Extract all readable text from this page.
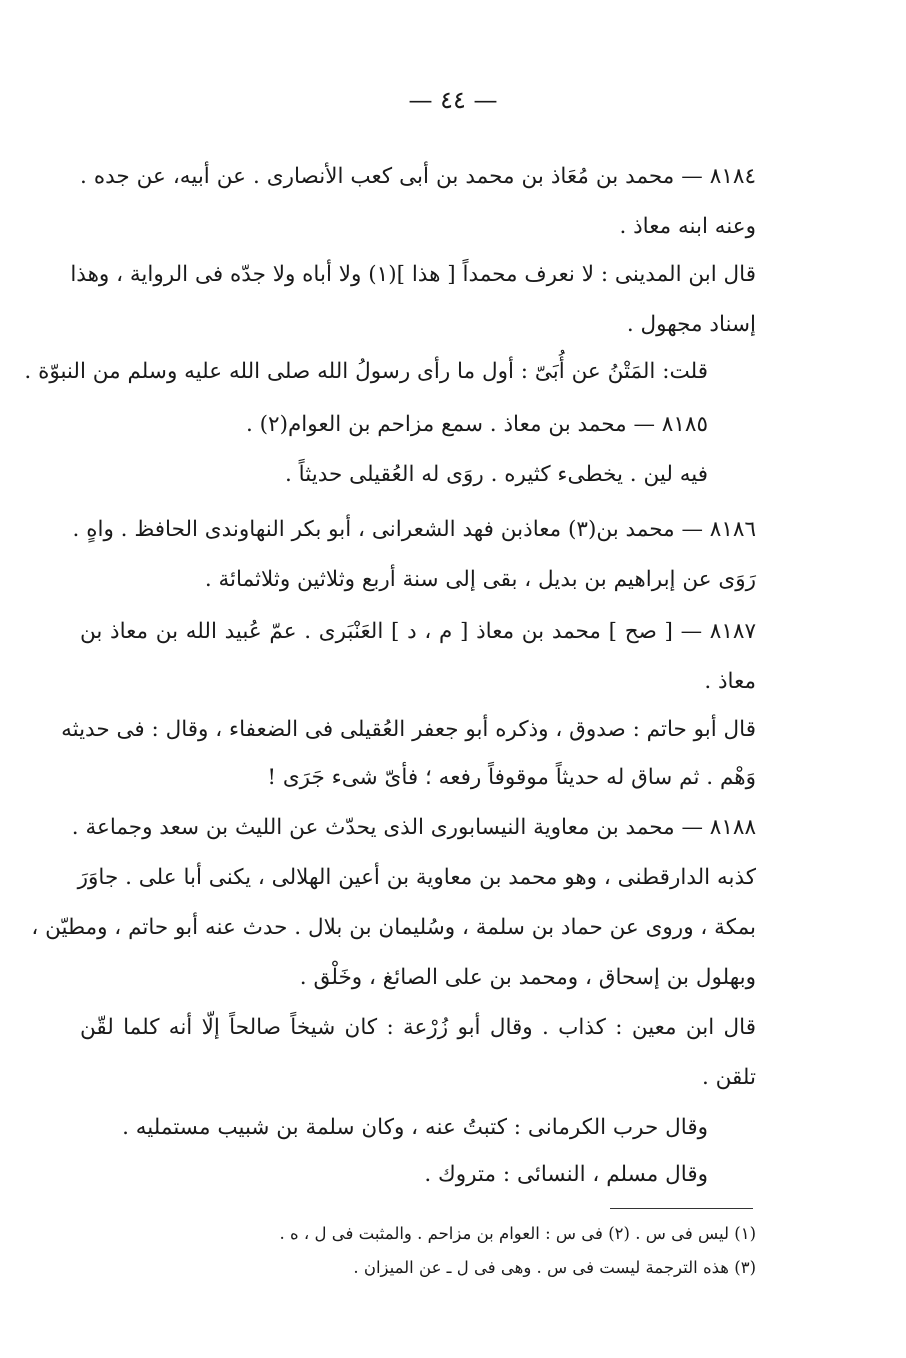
— ٤٤ —
٨١٨٤ — محمد بن مُعَاذ بن محمد بن أبى كعب الأنصارى . عن أبيه، عن جده .
وعنه ابنه معاذ .
قال ابن المدينى : لا نعرف محمداً [ هذا ](١) ولا أباه ولا جدّه فى الرواية ، وهذا
إسناد مجهول .
قلت: المَتْنُ عن أُبَىّ : أول ما رأى رسولُ الله صلى الله عليه وسلم من النبوّة .
٨١٨٥ — محمد بن معاذ . سمع مزاحم بن العوام(٢) .
فيه لين . يخطىء كثيره . روَى له العُقيلى حديثاً .
٨١٨٦ — محمد بن(٣) معاذبن فهد الشعرانى ، أبو بكر النهاوندى الحافظ . واهٍ .
رَوَى عن إبراهيم بن بديل ، بقى إلى سنة أربع وثلاثين وثلاثمائة .
٨١٨٧ — [ صح ] محمد بن معاذ [ م ، د ] العَنْبَرى . عمّ عُبيد الله بن معاذ بن
معاذ .
قال أبو حاتم : صدوق ، وذكره أبو جعفر العُقيلى فى الضعفاء ، وقال : فى حديثه
وَهْم . ثم ساق له حديثاً موقوفاً رفعه ؛ فأىّ شىء جَرَى !
٨١٨٨ — محمد بن معاوية النيسابورى الذى يحدّث عن الليث بن سعد وجماعة .
كذبه الدارقطنى ، وهو محمد بن معاوية بن أعين الهلالى ، يكنى أبا على . جاوَرَ
بمكة ، وروى عن حماد بن سلمة ، وسُليمان بن بلال . حدث عنه أبو حاتم ، ومطيّن ،
وبهلول بن إسحاق ، ومحمد بن على الصائغ ، وخَلْق .
قال ابن معين : كذاب . وقال أبو زُرْعة : كان شيخاً صالحاً إلّا أنه كلما لقّن
تلقن .
وقال حرب الكرمانى : كتبتُ عنه ، وكان سلمة بن شبيب مستمليه .
وقال مسلم ، النسائى : متروك .
(١) ليس فى س . (٢) فى س : العوام بن مزاحم . والمثبت فى ل ، ه .
(٣) هذه الترجمة ليست فى س . وهى فى ل ـ عن الميزان .
